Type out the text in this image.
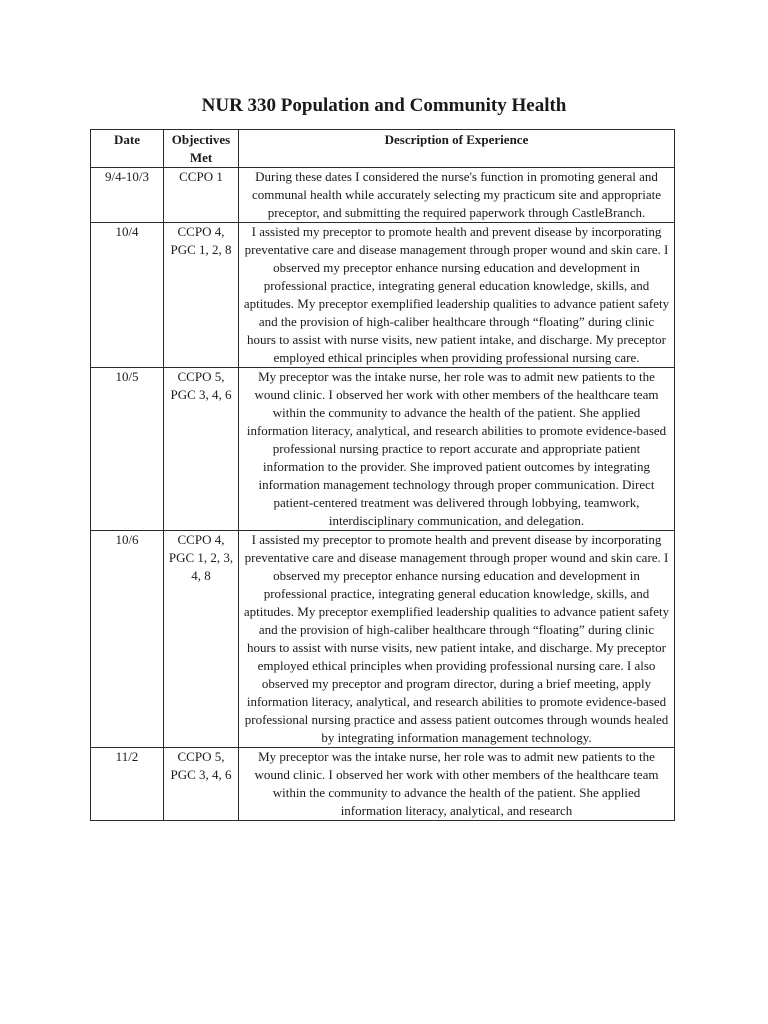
NUR 330 Population and Community Health
Date	Objectives Met	Description of Experience
9/4-10/3	CCPO 1	During these dates I considered the nurse's function in promoting general and communal health while accurately selecting my practicum site and appropriate preceptor, and submitting the required paperwork through CastleBranch.

10/4	CCPO 4, PGC 1, 2, 8	I assisted my preceptor to promote health and prevent disease by incorporating preventative care and disease management through proper wound and skin care. I observed my preceptor enhance nursing education and development in professional practice, integrating general education knowledge, skills, and aptitudes. My preceptor exemplified leadership qualities to advance patient safety and the provision of high-caliber healthcare through “floating” during clinic hours to assist with nurse visits, new patient intake, and discharge. My preceptor employed ethical principles when providing professional nursing care.

10/5	CCPO 5, PGC 3, 4, 6	My preceptor was the intake nurse, her role was to admit new patients to the wound clinic. I observed her work with other members of the healthcare team within the community to advance the health of the patient. She applied information literacy, analytical, and research abilities to promote evidence-based professional nursing practice to report accurate and appropriate patient information to the provider. She improved patient outcomes by integrating information management technology through proper communication. Direct patient-centered treatment was delivered through lobbying, teamwork, interdisciplinary communication, and delegation.

10/6	CCPO 4, PGC 1, 2, 3, 4, 8	I assisted my preceptor to promote health and prevent disease by incorporating preventative care and disease management through proper wound and skin care. I observed my preceptor enhance nursing education and development in professional practice, integrating general education knowledge, skills, and aptitudes. My preceptor exemplified leadership qualities to advance patient safety and the provision of high-caliber healthcare through “floating” during clinic hours to assist with nurse visits, new patient intake, and discharge. My preceptor employed ethical principles when providing professional nursing care. I also observed my preceptor and program director, during a brief meeting, apply information literacy, analytical, and research abilities to promote evidence-based professional nursing practice and assess patient outcomes through wounds healed by integrating information management technology.

11/2	CCPO 5, PGC 3, 4, 6	My preceptor was the intake nurse, her role was to admit new patients to the wound clinic. I observed her work with other members of the healthcare team within the community to advance the health of the patient. She applied information literacy, analytical, and research
